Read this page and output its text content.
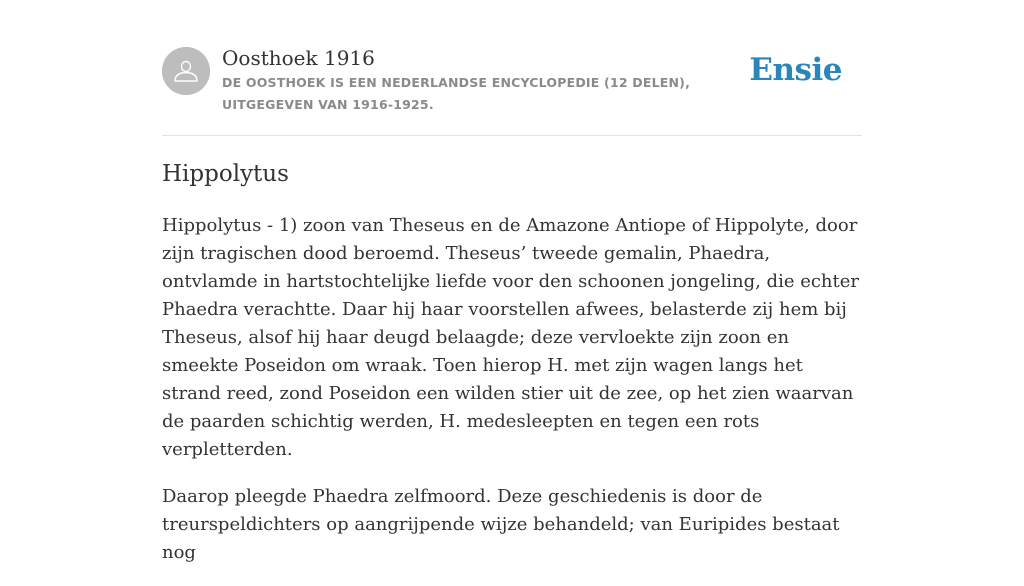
Oosthoek 1916
DE OOSTHOEK IS EEN NEDERLANDSE ENCYCLOPEDIE (12 DELEN), UITGEGEVEN VAN 1916-1925.
Ensie
Hippolytus

Hippolytus - 1) zoon van Theseus en de Amazone Antiope of Hippolyte, door zijn tragischen dood beroemd. Theseus’ tweede gemalin, Phaedra, ontvlamde in hartstochtelijke liefde voor den schoonen jongeling, die echter Phaedra verachtte. Daar hij haar voorstellen afwees, belasterde zij hem bij Theseus, alsof hij haar deugd belaagde; deze vervloekte zijn zoon en smeekte Poseidon om wraak. Toen hierop H. met zijn wagen langs het strand reed, zond Poseidon een wilden stier uit de zee, op het zien waarvan de paarden schichtig werden, H. medesleepten en tegen een rots verpletterden.

Daarop pleegde Phaedra zelfmoord. Deze geschiedenis is door de treurspeldichters op aangrijpende wijze behandeld; van Euripides bestaat nog
